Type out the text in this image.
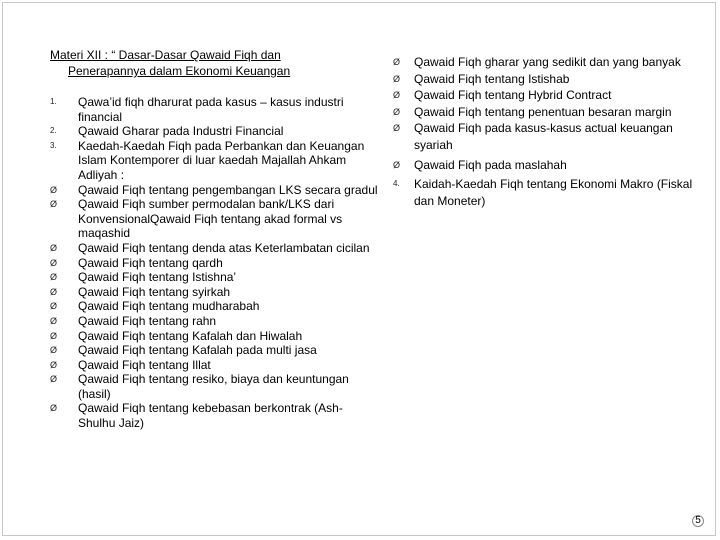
Materi XII : “ Dasar-Dasar Qawaid Fiqh dan
Penerapannya dalam Ekonomi Keuangan
1.	Qawa’id fiqh dharurat pada kasus – kasus industri financial
2.	Qawaid Gharar pada Industri Financial
3.	Kaedah-Kaedah Fiqh pada Perbankan dan Keuangan Islam Kontemporer di luar kaedah Majallah Ahkam Adliyah :
Ø	Qawaid Fiqh tentang pengembangan LKS secara gradul
Ø	Qawaid Fiqh sumber permodalan bank/LKS dari KonvensionalQawaid Fiqh tentang akad formal vs maqashid
Ø	Qawaid Fiqh tentang denda atas Keterlambatan cicilan
Ø	Qawaid Fiqh tentang qardh
Ø	Qawaid Fiqh tentang Istishna’
Ø	Qawaid Fiqh tentang syirkah
Ø	Qawaid Fiqh tentang mudharabah
Ø	Qawaid Fiqh tentang rahn
Ø	Qawaid Fiqh tentang Kafalah dan Hiwalah
Ø	Qawaid Fiqh tentang Kafalah pada multi jasa
Ø	Qawaid Fiqh tentang Illat
Ø	Qawaid Fiqh tentang resiko, biaya dan keuntungan (hasil)
Ø	Qawaid Fiqh tentang kebebasan berkontrak (Ash-Shulhu Jaiz)
Ø	Qawaid Fiqh gharar yang sedikit dan yang banyak
Ø	Qawaid Fiqh tentang Istishab
Ø	Qawaid Fiqh tentang Hybrid Contract
Ø	Qawaid Fiqh tentang penentuan besaran margin
Ø	Qawaid Fiqh pada kasus-kasus actual keuangan syariah
Ø	Qawaid Fiqh pada maslahah
4.	Kaidah-Kaedah Fiqh tentang Ekonomi Makro (Fiskal dan Moneter)
5
